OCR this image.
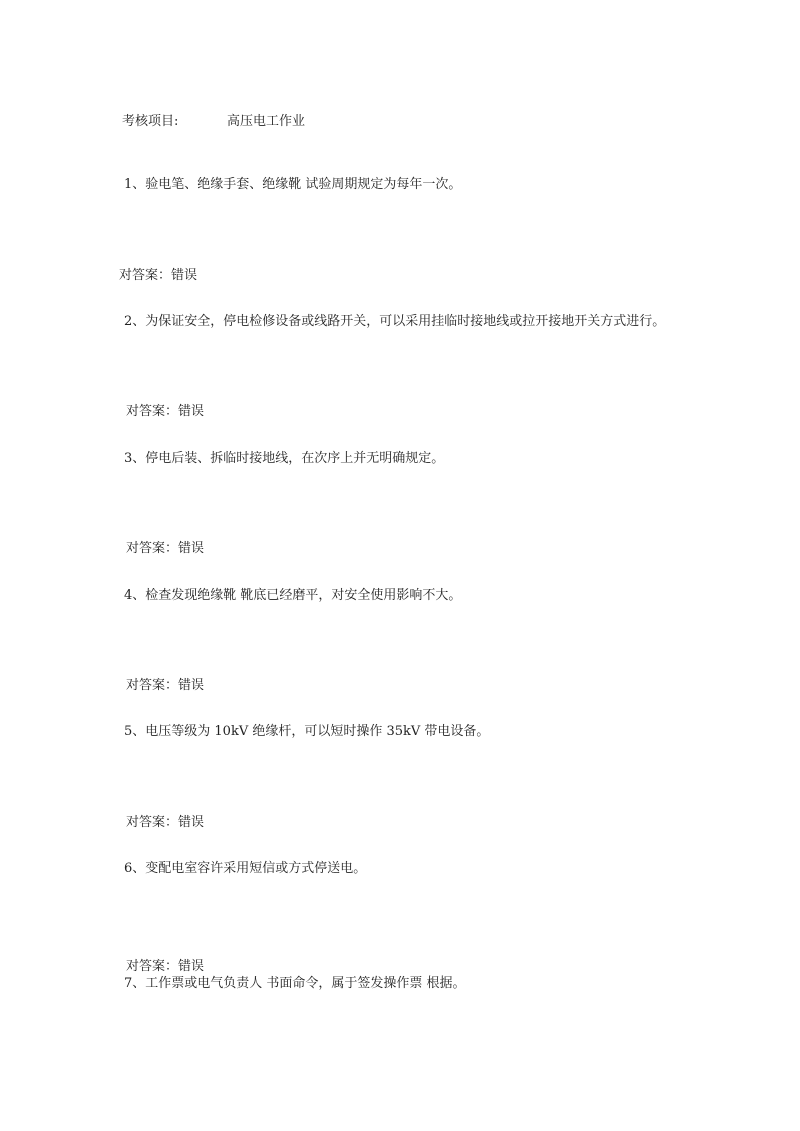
考核项目:	高压电工作业
1、验电笔、绝缘手套、绝缘靴 试验周期规定为每年一次。
对答案：错误
2、为保证安全，停电检修设备或线路开关，可以采用挂临时接地线或拉开接地开关方式进行。
对答案：错误
3、停电后装、拆临时接地线，在次序上并无明确规定。
对答案：错误
4、检查发现绝缘靴 靴底已经磨平，对安全使用影响不大。
对答案：错误
5、电压等级为 10kV 绝缘杆，可以短时操作 35kV 带电设备。
对答案：错误
6、变配电室容许采用短信或方式停送电。
对答案：错误
7、工作票或电气负责人 书面命令，属于签发操作票 根据。
